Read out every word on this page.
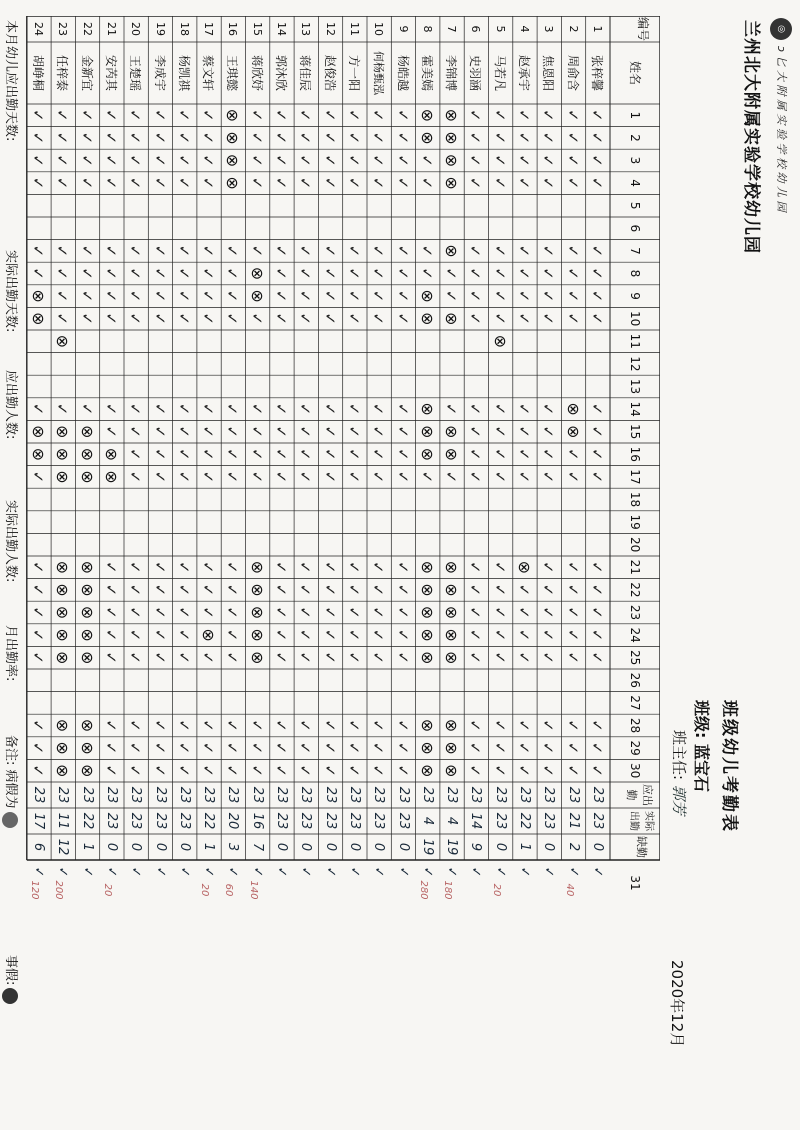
◎
ɔ 匕 大 附 属 实 验 学 校 幼 儿 园
兰州北大附属实验学校幼儿园
班级幼儿考勤表
班级: 蓝宝石
班主任: 郭芳
2020年12月
编号
姓名
1
2
3
4
5
6
7
8
9
10
11
12
13
14
15
16
17
18
19
20
21
22
23
24
25
26
27
28
29
30
应出勤
实际出勤
缺勤
31
1
张梓馨
✓
✓
✓
✓
✓
✓
✓
✓
✓
✓
✓
✓
✓
✓
✓
✓
✓
✓
✓
✓
23
23
0
✓
2
周俞含
✓
✓
✓
✓
✓
✓
✓
✓
⊗
⊗
✓
✓
✓
✓
✓
✓
✓
✓
✓
✓
23
21
2
✓
40
3
焦恩阳
✓
✓
✓
✓
✓
✓
✓
✓
✓
✓
✓
✓
✓
✓
✓
✓
✓
✓
✓
✓
23
23
0
✓
4
赵承宇
✓
✓
✓
✓
✓
✓
✓
✓
✓
✓
✓
✓
⊗
✓
✓
✓
✓
✓
✓
✓
23
22
1
✓
5
马若凡
✓
✓
✓
✓
✓
✓
✓
✓
⊗
✓
✓
✓
✓
✓
✓
✓
✓
✓
✓
✓
✓
23
23
0
✓
20
6
史羽涵
✓
✓
✓
✓
✓
✓
✓
✓
✓
✓
✓
✓
✓
✓
✓
✓
✓
✓
✓
✓
23
14
9
✓
7
李锦博
⊗
⊗
⊗
⊗
⊗
✓
✓
⊗
✓
⊗
⊗
✓
⊗
⊗
⊗
⊗
⊗
⊗
⊗
⊗
23
4
19
✓
180
8
霍美嫣
⊗
⊗
✓
✓
✓
✓
⊗
⊗
⊗
⊗
⊗
✓
⊗
⊗
⊗
⊗
⊗
⊗
⊗
⊗
23
4
19
✓
280
9
杨皓越
✓
✓
✓
✓
✓
✓
✓
✓
✓
✓
✓
✓
✓
✓
✓
✓
✓
✓
✓
✓
23
23
0
✓
10
何杨甄泓
✓
✓
✓
✓
✓
✓
✓
✓
✓
✓
✓
✓
✓
✓
✓
✓
✓
✓
✓
✓
23
23
0
✓
11
方一阳
✓
✓
✓
✓
✓
✓
✓
✓
✓
✓
✓
✓
✓
✓
✓
✓
✓
✓
✓
✓
23
23
0
✓
12
赵俊浩
✓
✓
✓
✓
✓
✓
✓
✓
✓
✓
✓
✓
✓
✓
✓
✓
✓
✓
✓
✓
23
23
0
✓
13
蒋佳辰
✓
✓
✓
✓
✓
✓
✓
✓
✓
✓
✓
✓
✓
✓
✓
✓
✓
✓
✓
✓
23
23
0
✓
14
郭沐欣
✓
✓
✓
✓
✓
✓
✓
✓
✓
✓
✓
✓
✓
✓
✓
✓
✓
✓
✓
✓
23
23
0
✓
15
蒋欣妤
✓
✓
✓
✓
✓
⊗
⊗
✓
✓
✓
✓
✓
⊗
⊗
⊗
⊗
⊗
✓
✓
✓
23
16
7
✓
140
16
王琪懿
⊗
⊗
⊗
⊗
✓
✓
✓
✓
✓
✓
✓
✓
✓
✓
✓
✓
✓
✓
✓
✓
23
20
3
✓
60
17
蔡文轩
✓
✓
✓
✓
✓
✓
✓
✓
✓
✓
✓
✓
✓
✓
✓
⊗
✓
✓
✓
✓
23
22
1
✓
20
18
杨凯祺
✓
✓
✓
✓
✓
✓
✓
✓
✓
✓
✓
✓
✓
✓
✓
✓
✓
✓
✓
✓
23
23
0
✓
19
李成宇
✓
✓
✓
✓
✓
✓
✓
✓
✓
✓
✓
✓
✓
✓
✓
✓
✓
✓
✓
✓
23
23
0
✓
20
王楚瑶
✓
✓
✓
✓
✓
✓
✓
✓
✓
✓
✓
✓
✓
✓
✓
✓
✓
✓
✓
✓
23
23
0
✓
21
安芮其
✓
✓
✓
✓
✓
✓
✓
✓
✓
✓
⊗
⊗
✓
✓
✓
✓
✓
✓
✓
✓
23
23
0
✓
20
22
金新宜
✓
✓
✓
✓
✓
✓
✓
✓
✓
⊗
⊗
⊗
⊗
⊗
⊗
⊗
⊗
⊗
⊗
⊗
23
22
1
✓
23
任梓泰
✓
✓
✓
✓
✓
✓
✓
✓
⊗
✓
⊗
⊗
⊗
⊗
⊗
⊗
⊗
⊗
⊗
⊗
⊗
23
11
12
✓
200
24
胡峥桐
✓
✓
✓
✓
✓
✓
⊗
⊗
✓
⊗
⊗
✓
✓
✓
✓
✓
✓
✓
✓
✓
23
17
6
✓
120
本月幼儿应出勤天数:
实际出勤天数:
应出勤人数:
实际出勤人数:
月出勤率:
备注: 病假为
事假:
